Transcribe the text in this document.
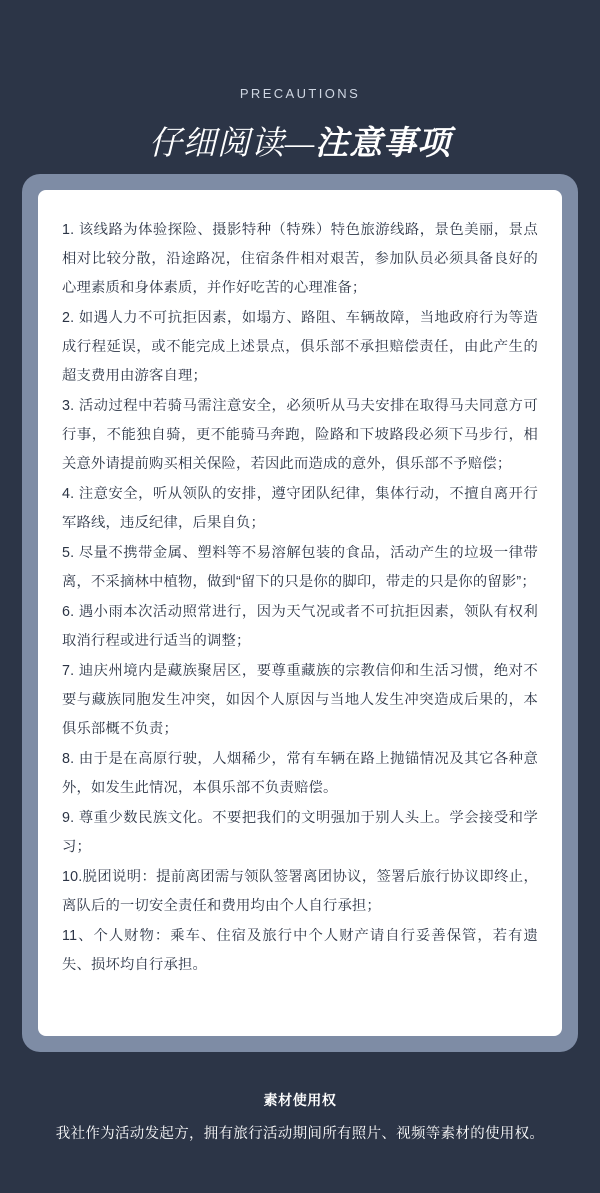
PRECAUTIONS
仔细阅读—注意事项

1. 该线路为体验探险、摄影特种（特殊）特色旅游线路，景色美丽，景点相对比较分散，沿途路况，住宿条件相对艰苦，参加队员必须具备良好的心理素质和身体素质，并作好吃苦的心理准备；

2. 如遇人力不可抗拒因素，如塌方、路阻、车辆故障，当地政府行为等造成行程延误，或不能完成上述景点，俱乐部不承担赔偿责任，由此产生的超支费用由游客自理；

3. 活动过程中若骑马需注意安全，必须听从马夫安排在取得马夫同意方可行事，不能独自骑，更不能骑马奔跑，险路和下坡路段必须下马步行，相关意外请提前购买相关保险，若因此而造成的意外，俱乐部不予赔偿；

4. 注意安全，听从领队的安排，遵守团队纪律，集体行动，不擅自离开行军路线，违反纪律，后果自负；

5. 尽量不携带金属、塑料等不易溶解包装的食品，活动产生的垃圾一律带离，不采摘林中植物，做到“留下的只是你的脚印，带走的只是你的留影”；

6. 遇小雨本次活动照常进行，因为天气况或者不可抗拒因素，领队有权利取消行程或进行适当的调整；

7. 迪庆州境内是藏族聚居区，要尊重藏族的宗教信仰和生活习惯，绝对不要与藏族同胞发生冲突，如因个人原因与当地人发生冲突造成后果的，本俱乐部概不负责；

8. 由于是在高原行驶，人烟稀少，常有车辆在路上抛锚情况及其它各种意外，如发生此情况，本俱乐部不负责赔偿。

9. 尊重少数民族文化。不要把我们的文明强加于别人头上。学会接受和学习；

10.脱团说明：提前离团需与领队签署离团协议，签署后旅行协议即终止，离队后的一切安全责任和费用均由个人自行承担；

11、个人财物：乘车、住宿及旅行中个人财产请自行妥善保管，若有遗失、损坏均自行承担。

素材使用权
我社作为活动发起方，拥有旅行活动期间所有照片、视频等素材的使用权。
